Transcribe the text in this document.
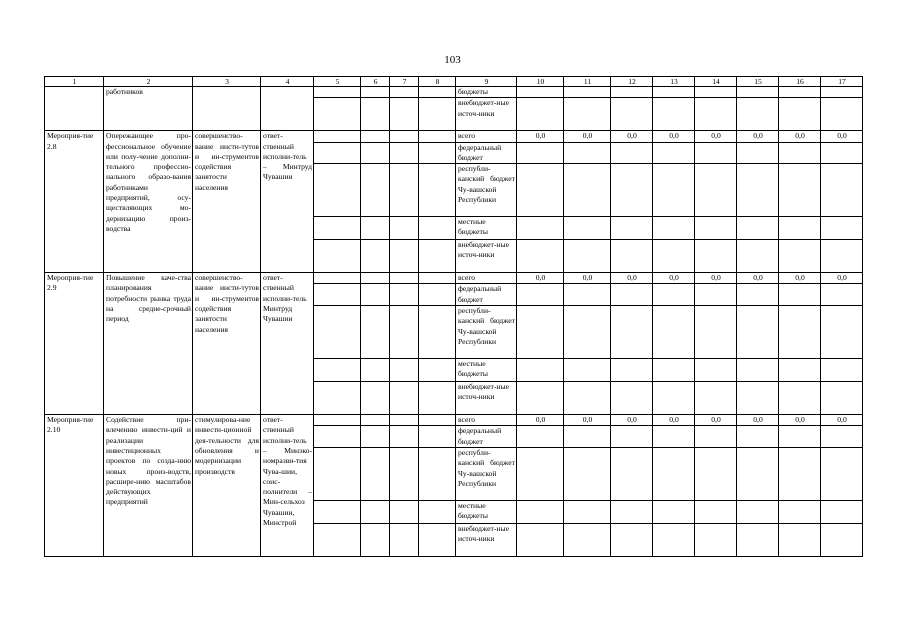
103
1	2	3	4	5	6	7	8	9	10	11	12	13	14	15	16	17
	работников							бюджеты								
								внебюджет-ные источ-ники								
Мероприя-тие 2.8	Опережающее про-фессиональное обучение или полу-чение дополни-тельного профессио-нального образо-вания работниками предприятий, осу-ществляющих мо-дернизацию произ-водства	совершенство-вание инсти-тутов и ин-струментов содействия занятости населения	ответ-ственный исполни-тель – Минтруд Чувашии					всего	0,0	0,0	0,0	0,0	0,0	0,0	0,0	0,0
								федеральный бюджет								
								республи-канский бюджет Чу-вашской Республики								
								местные бюджеты								
								внебюджет-ные источ-ники								
Мероприя-тие 2.9	Повышение каче-ства планирования потребности рынка труда на средне-срочный период	совершенство-вание инсти-тутов и ин-струментов содействия занятости населения	ответ-ственный исполни-тель Минтруд Чувашии					всего	0,0	0,0	0,0	0,0	0,0	0,0	0,0	0,0
								федеральный бюджет								
								республи-канский бюджет Чу-вашской Республики								
								местные бюджеты								
								внебюджет-ные источ-ники								
Мероприя-тие 2.10	Содействие при-влечению инвести-ций и реализации инвестиционных проектов по созда-нию новых произ-водств, расшире-нию масштабов действующих предприятий	стимулирова-ние инвести-ционной дея-тельности для обновления и модернизации производств	ответ-ственный исполни-тель – Минэко-номразви-тия Чува-шии, соис-полнители – Мин-сельхоз Чувашии, Минстрой					всего	0,0	0,0	0,0	0,0	0,0	0,0	0,0	0,0
								федеральный бюджет								
								республи-канский бюджет Чу-вашской Республики								
								местные бюджеты								
								внебюджет-ные источ-ники								
